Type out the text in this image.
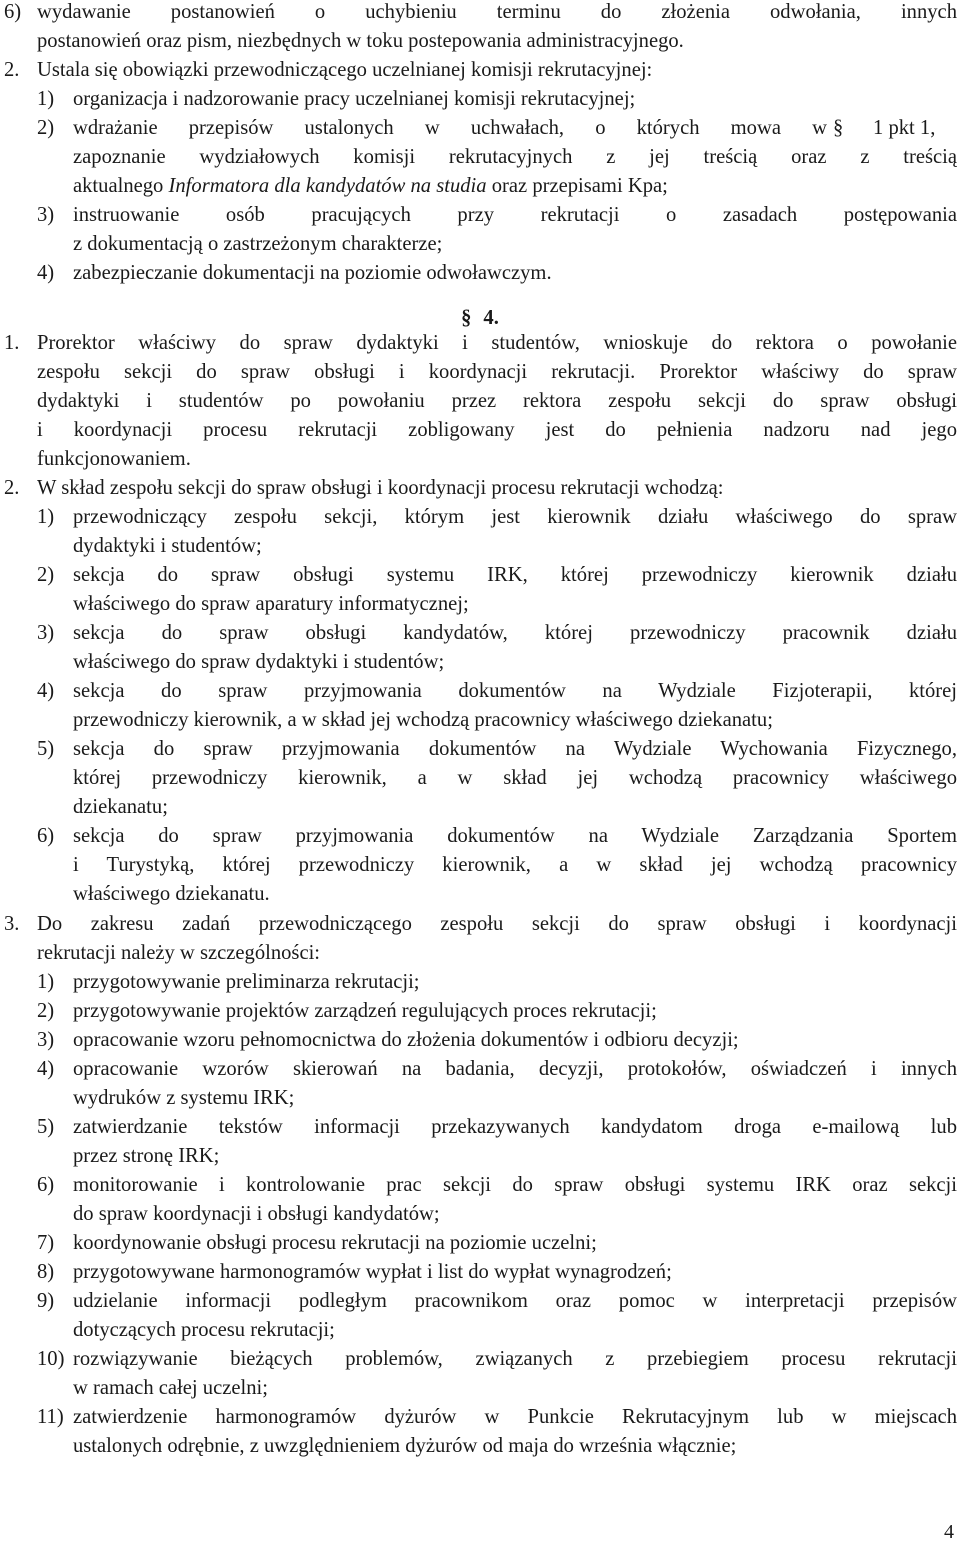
6) wydawanie postanowień o uchybieniu terminu do złożenia odwołania, innych
postanowień oraz pism, niezbędnych w toku postepowania administracyjnego.
2. Ustala się obowiązki przewodniczącego uczelnianej komisji rekrutacyjnej:
1) organizacja i nadzorowanie pracy uczelnianej komisji rekrutacyjnej;
2) wdrażanie przepisów ustalonych w uchwałach, o których mowa w § 1 pkt 1,
zapoznanie wydziałowych komisji rekrutacyjnych z jej treścią oraz z treścią
aktualnego Informatora dla kandydatów na studia oraz przepisami Kpa;
3) instruowanie osób pracujących przy rekrutacji o zasadach postępowania
z dokumentacją o zastrzeżonym charakterze;
4) zabezpieczanie dokumentacji na poziomie odwoławczym.
§ 4.
1. Prorektor właściwy do spraw dydaktyki i studentów, wnioskuje do rektora o powołanie
zespołu sekcji do spraw obsługi i koordynacji rekrutacji. Prorektor właściwy do spraw
dydaktyki i studentów po powołaniu przez rektora zespołu sekcji do spraw obsługi
i koordynacji procesu rekrutacji zobligowany jest do pełnienia nadzoru nad jego
funkcjonowaniem.
2. W skład zespołu sekcji do spraw obsługi i koordynacji procesu rekrutacji wchodzą:
1) przewodniczący zespołu sekcji, którym jest kierownik działu właściwego do spraw
dydaktyki i studentów;
2) sekcja do spraw obsługi systemu IRK, której przewodniczy kierownik działu
właściwego do spraw aparatury informatycznej;
3) sekcja do spraw obsługi kandydatów, której przewodniczy pracownik działu
właściwego do spraw dydaktyki i studentów;
4) sekcja do spraw przyjmowania dokumentów na Wydziale Fizjoterapii, której
przewodniczy kierownik, a w skład jej wchodzą pracownicy właściwego dziekanatu;
5) sekcja do spraw przyjmowania dokumentów na Wydziale Wychowania Fizycznego,
której przewodniczy kierownik, a w skład jej wchodzą pracownicy właściwego
dziekanatu;
6) sekcja do spraw przyjmowania dokumentów na Wydziale Zarządzania Sportem
i Turystyką, której przewodniczy kierownik, a w skład jej wchodzą pracownicy
właściwego dziekanatu.
3. Do zakresu zadań przewodniczącego zespołu sekcji do spraw obsługi i koordynacji
rekrutacji należy w szczególności:
1) przygotowywanie preliminarza rekrutacji;
2) przygotowywanie projektów zarządzeń regulujących proces rekrutacji;
3) opracowanie wzoru pełnomocnictwa do złożenia dokumentów i odbioru decyzji;
4) opracowanie wzorów skierowań na badania, decyzji, protokołów, oświadczeń i innych
wydruków z systemu IRK;
5) zatwierdzanie tekstów informacji przekazywanych kandydatom droga e-mailową lub
przez stronę IRK;
6) monitorowanie i kontrolowanie prac sekcji do spraw obsługi systemu IRK oraz sekcji
do spraw koordynacji i obsługi kandydatów;
7) koordynowanie obsługi procesu rekrutacji na poziomie uczelni;
8) przygotowywane harmonogramów wypłat i list do wypłat wynagrodzeń;
9) udzielanie informacji podległym pracownikom oraz pomoc w interpretacji przepisów
dotyczących procesu rekrutacji;
10) rozwiązywanie bieżących problemów, związanych z przebiegiem procesu rekrutacji
w ramach całej uczelni;
11) zatwierdzenie harmonogramów dyżurów w Punkcie Rekrutacyjnym lub w miejscach
ustalonych odrębnie, z uwzględnieniem dyżurów od maja do września włącznie;
4
